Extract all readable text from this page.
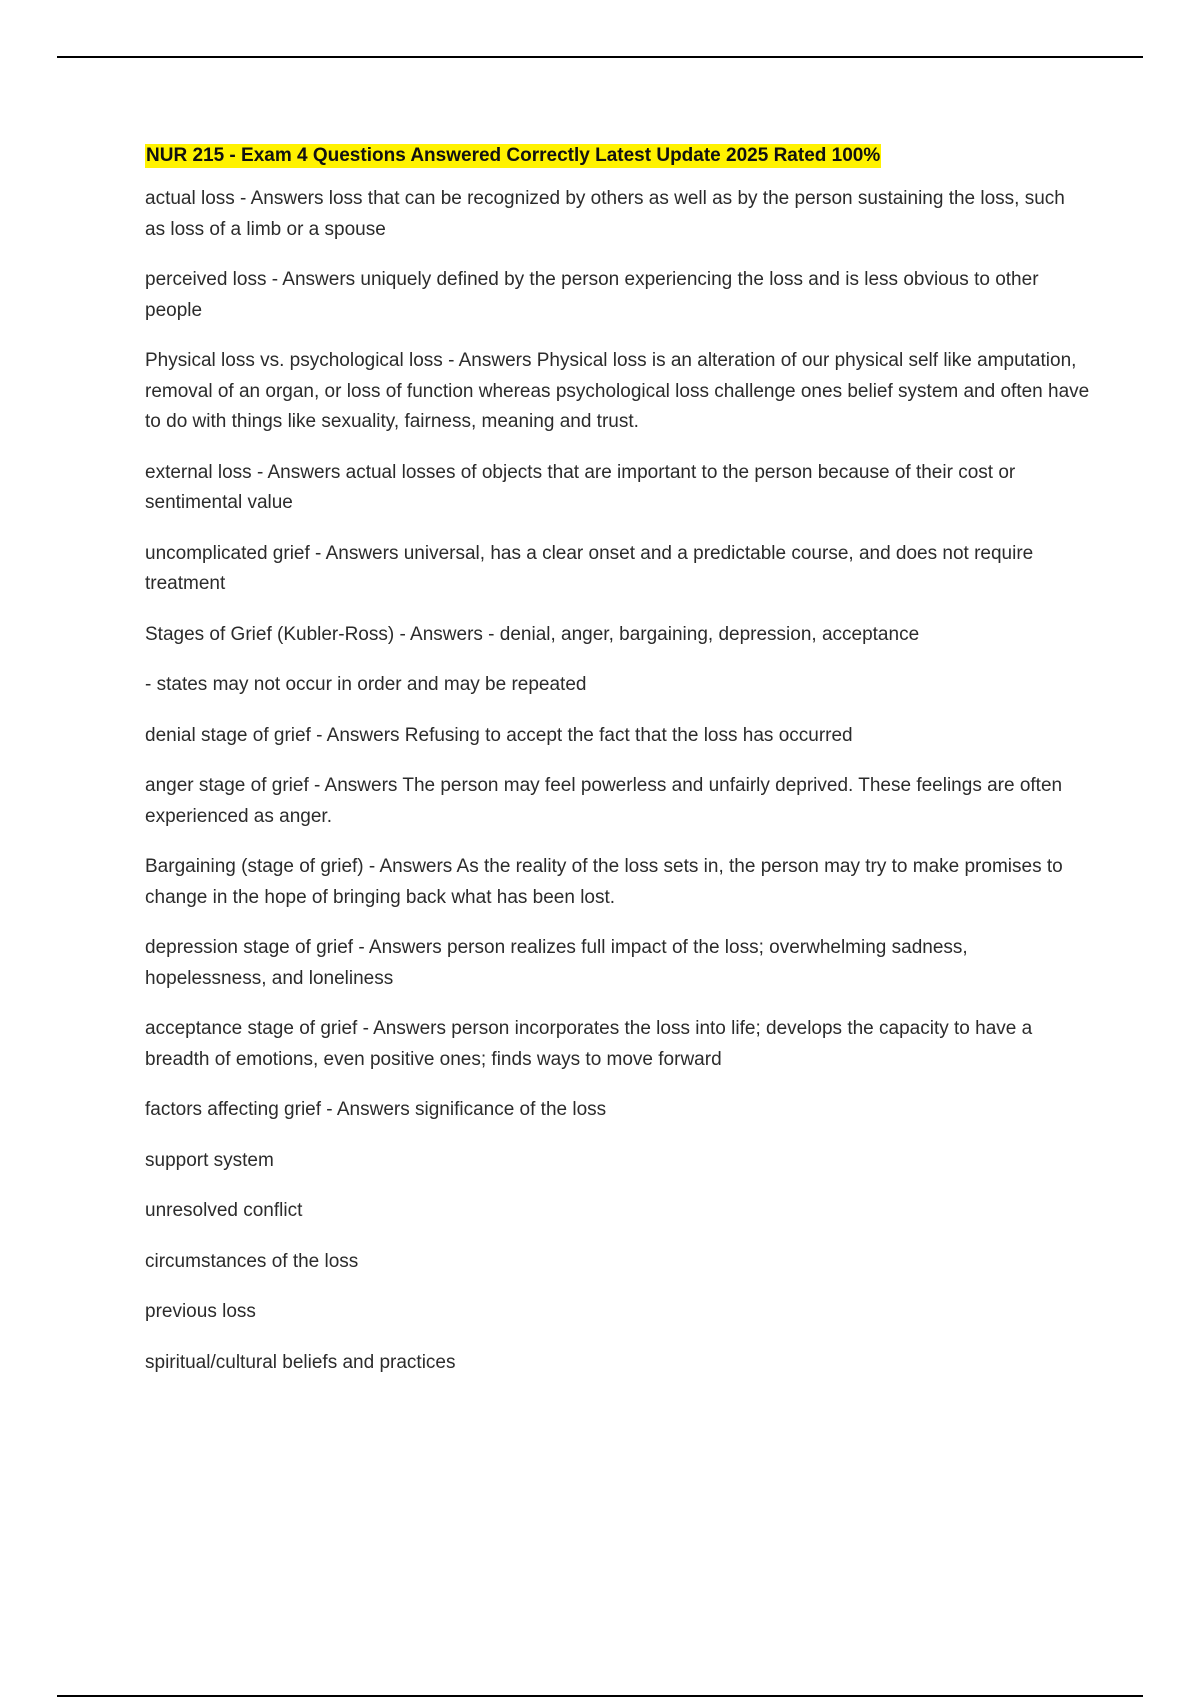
NUR 215 - Exam 4 Questions Answered Correctly Latest Update 2025 Rated 100%

actual loss - Answers loss that can be recognized by others as well as by the person sustaining the loss, such as loss of a limb or a spouse

perceived loss - Answers uniquely defined by the person experiencing the loss and is less obvious to other people

Physical loss vs. psychological loss - Answers Physical loss is an alteration of our physical self like amputation, removal of an organ, or loss of function whereas psychological loss challenge ones belief system and often have to do with things like sexuality, fairness, meaning and trust.

external loss - Answers actual losses of objects that are important to the person because of their cost or sentimental value

uncomplicated grief - Answers universal, has a clear onset and a predictable course, and does not require treatment

Stages of Grief (Kubler-Ross) - Answers - denial, anger, bargaining, depression, acceptance

- states may not occur in order and may be repeated

denial stage of grief - Answers Refusing to accept the fact that the loss has occurred

anger stage of grief - Answers The person may feel powerless and unfairly deprived. These feelings are often experienced as anger.

Bargaining (stage of grief) - Answers As the reality of the loss sets in, the person may try to make promises to change in the hope of bringing back what has been lost.

depression stage of grief - Answers person realizes full impact of the loss; overwhelming sadness, hopelessness, and loneliness

acceptance stage of grief - Answers person incorporates the loss into life; develops the capacity to have a breadth of emotions, even positive ones; finds ways to move forward

factors affecting grief - Answers significance of the loss

support system

unresolved conflict

circumstances of the loss

previous loss

spiritual/cultural beliefs and practices
